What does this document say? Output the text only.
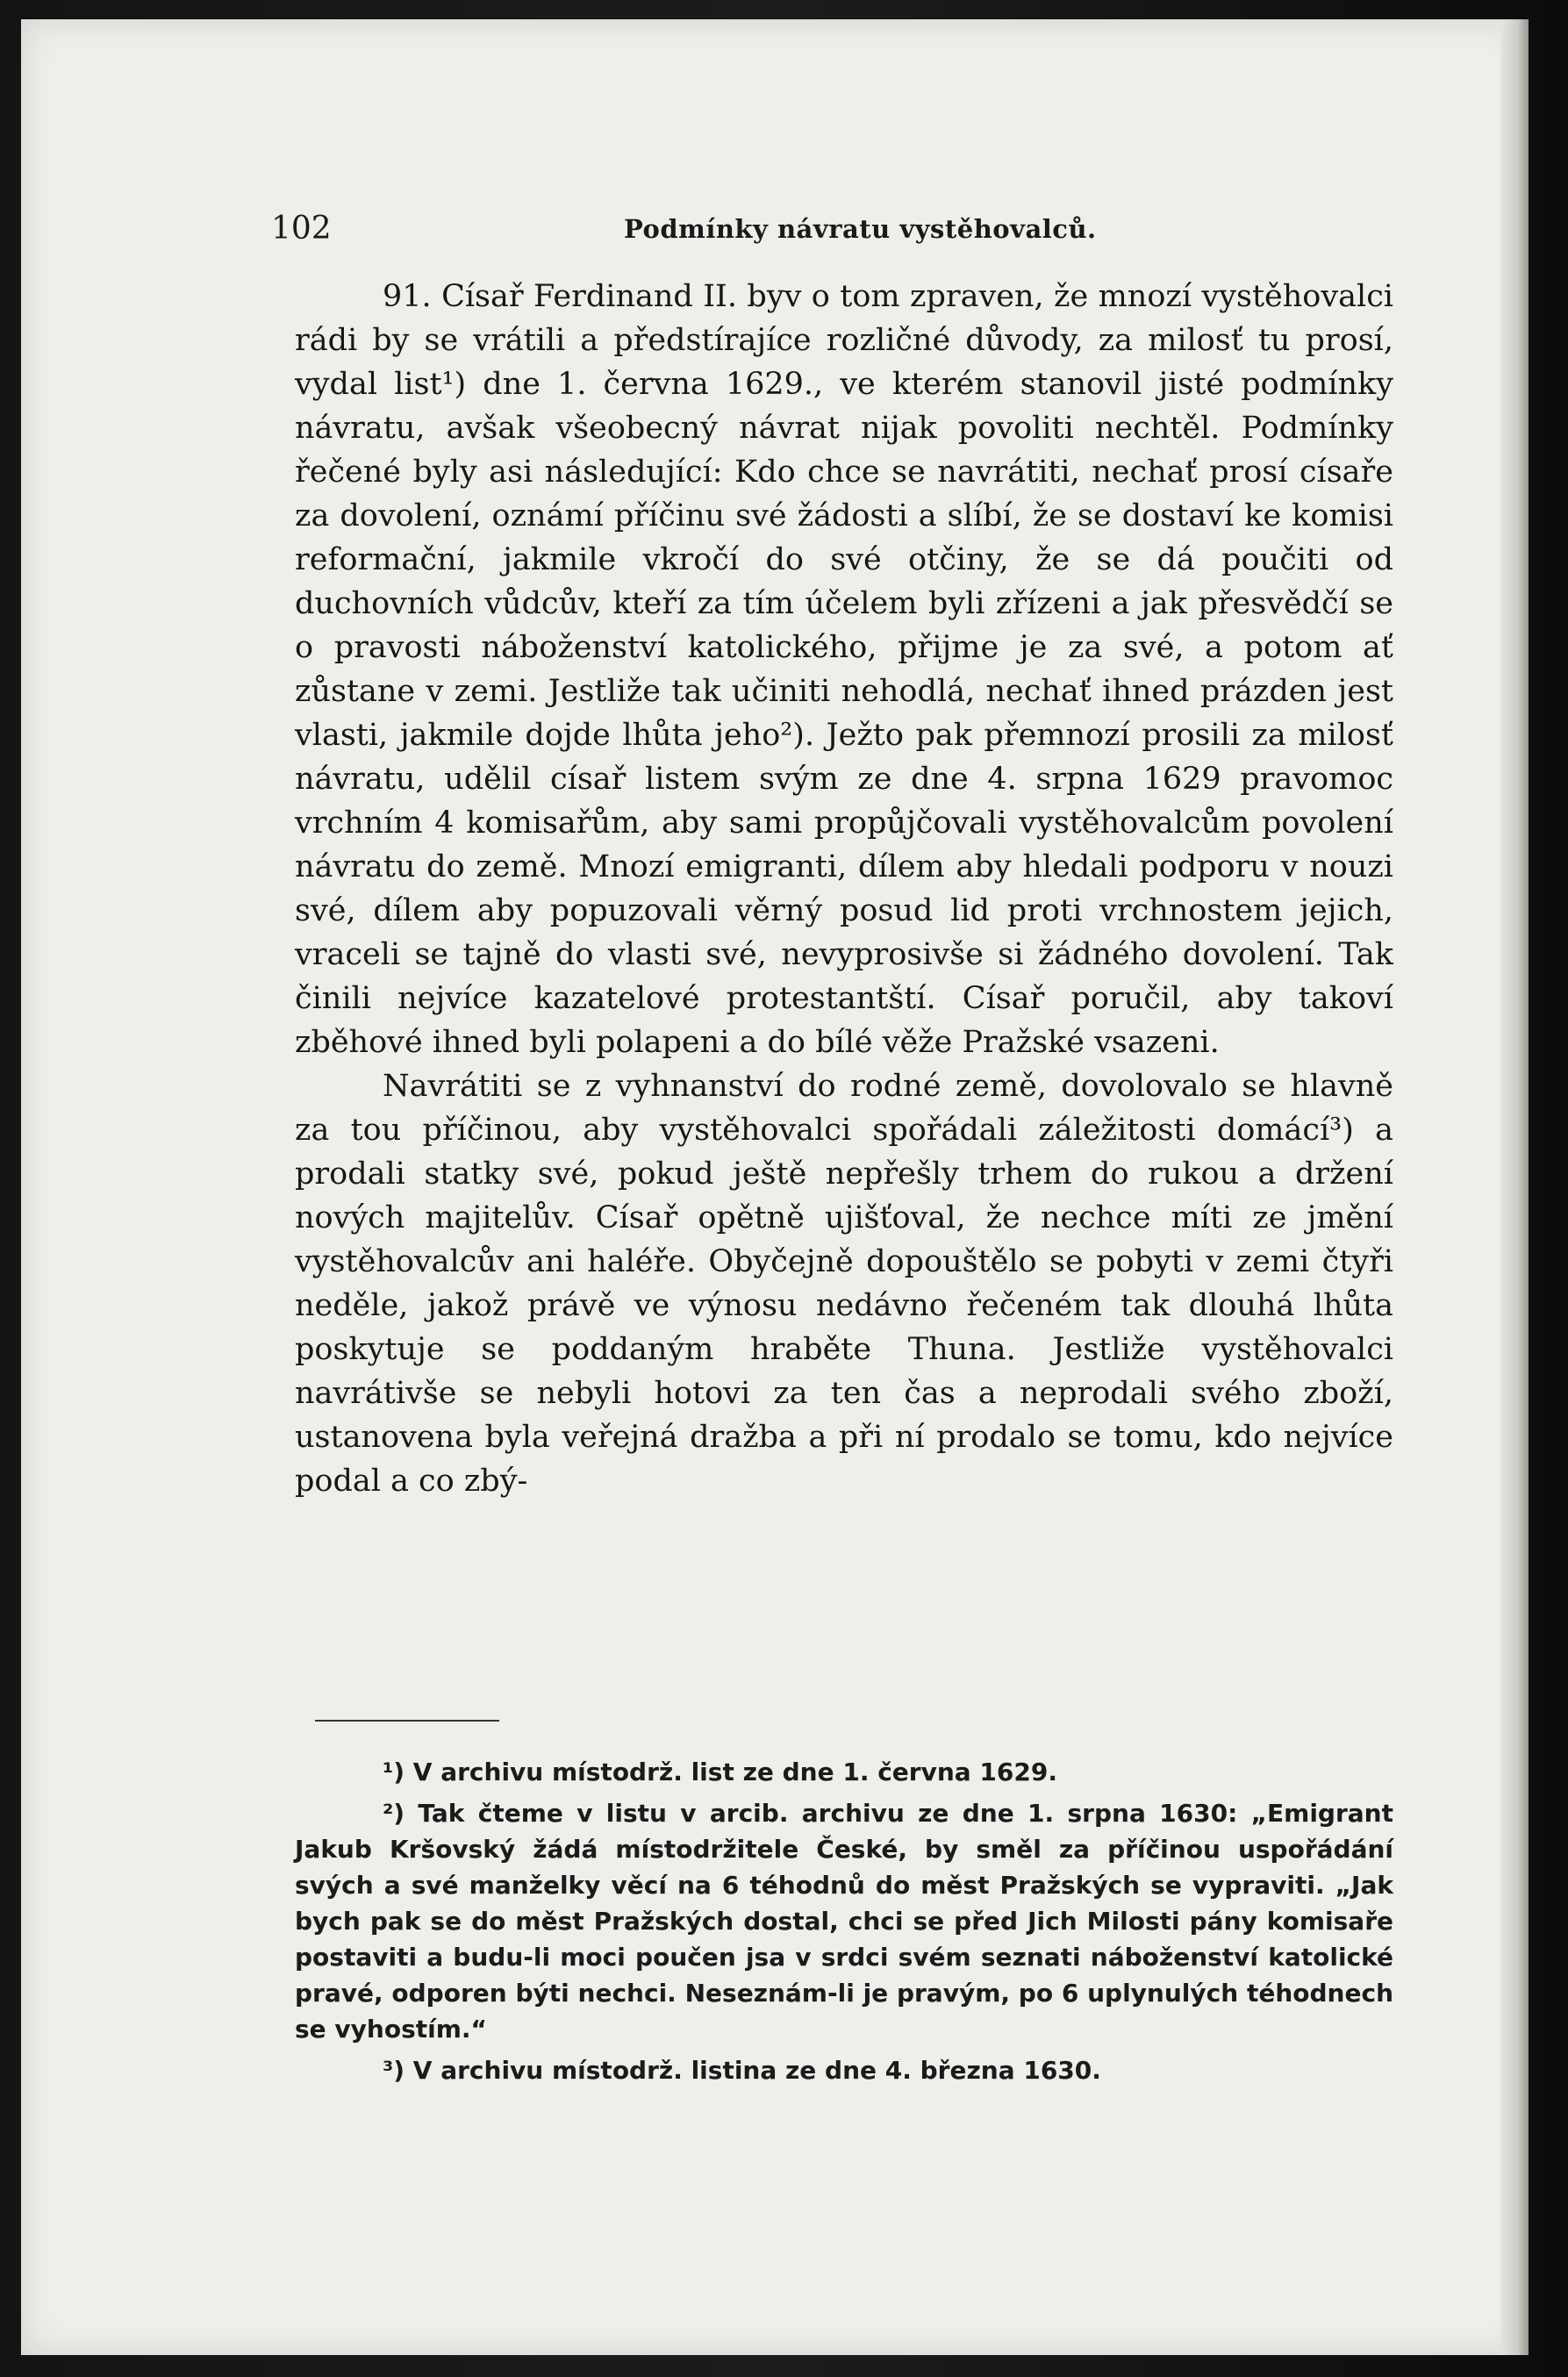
102	Podmínky návratu vystěhovalců.

91. Císař Ferdinand II. byv o tom zpraven, že mnozí vystěhovalci rádi by se vrátili a předstírajíce rozličné důvody, za milosť tu prosí, vydal list¹) dne 1. června 1629., ve kterém stanovil jisté podmínky návratu, avšak všeobecný návrat nijak povoliti nechtěl. Podmínky řečené byly asi následující: Kdo chce se navrátiti, nechať prosí císaře za dovolení, oznámí příčinu své žádosti a slíbí, že se dostaví ke komisi reformační, jakmile vkročí do své otčiny, že se dá poučiti od duchovních vůdcův, kteří za tím účelem byli zřízeni a jak přesvědčí se o pravosti náboženství katolického, přijme je za své, a potom ať zůstane v zemi. Jestliže tak učiniti nehodlá, nechať ihned prázden jest vlasti, jakmile dojde lhůta jeho²). Ježto pak přemnozí prosili za milosť návratu, udělil císař listem svým ze dne 4. srpna 1629 pravomoc vrchním 4 komisařům, aby sami propůjčovali vystěhovalcům povolení návratu do země. Mnozí emigranti, dílem aby hledali podporu v nouzi své, dílem aby popuzovali věrný posud lid proti vrchnostem jejich, vraceli se tajně do vlasti své, nevyprosivše si žádného dovolení. Tak činili nejvíce kazatelové protestantští. Císař poručil, aby takoví zběhové ihned byli polapeni a do bílé věže Pražské vsazeni.

Navrátiti se z vyhnanství do rodné země, dovolovalo se hlavně za tou příčinou, aby vystěhovalci spořádali záležitosti domácí³) a prodali statky své, pokud ještě nepřešly trhem do rukou a držení nových majitelův. Císař opětně ujišťoval, že nechce míti ze jmění vystěhovalcův ani haléře. Obyčejně dopouštělo se pobyti v zemi čtyři neděle, jakož právě ve výnosu nedávno řečeném tak dlouhá lhůta poskytuje se poddaným hraběte Thuna. Jestliže vystěhovalci navrátivše se nebyli hotovi za ten čas a neprodali svého zboží, ustanovena byla veřejná dražba a při ní prodalo se tomu, kdo nejvíce podal a co zbý-

¹) V archivu místodrž. list ze dne 1. června 1629.

²) Tak čteme v listu v arcib. archivu ze dne 1. srpna 1630: „Emigrant Jakub Kršovský žádá místodržitele České, by směl za příčinou uspořádání svých a své manželky věcí na 6 téhodnů do měst Pražských se vypraviti. „Jak bych pak se do měst Pražských dostal, chci se před Jich Milosti pány komisaře postaviti a budu-li moci poučen jsa v srdci svém seznati náboženství katolické pravé, odporen býti nechci. Neseznám-li je pravým, po 6 uplynulých téhodnech se vyhostím.“

³) V archivu místodrž. listina ze dne 4. března 1630.
